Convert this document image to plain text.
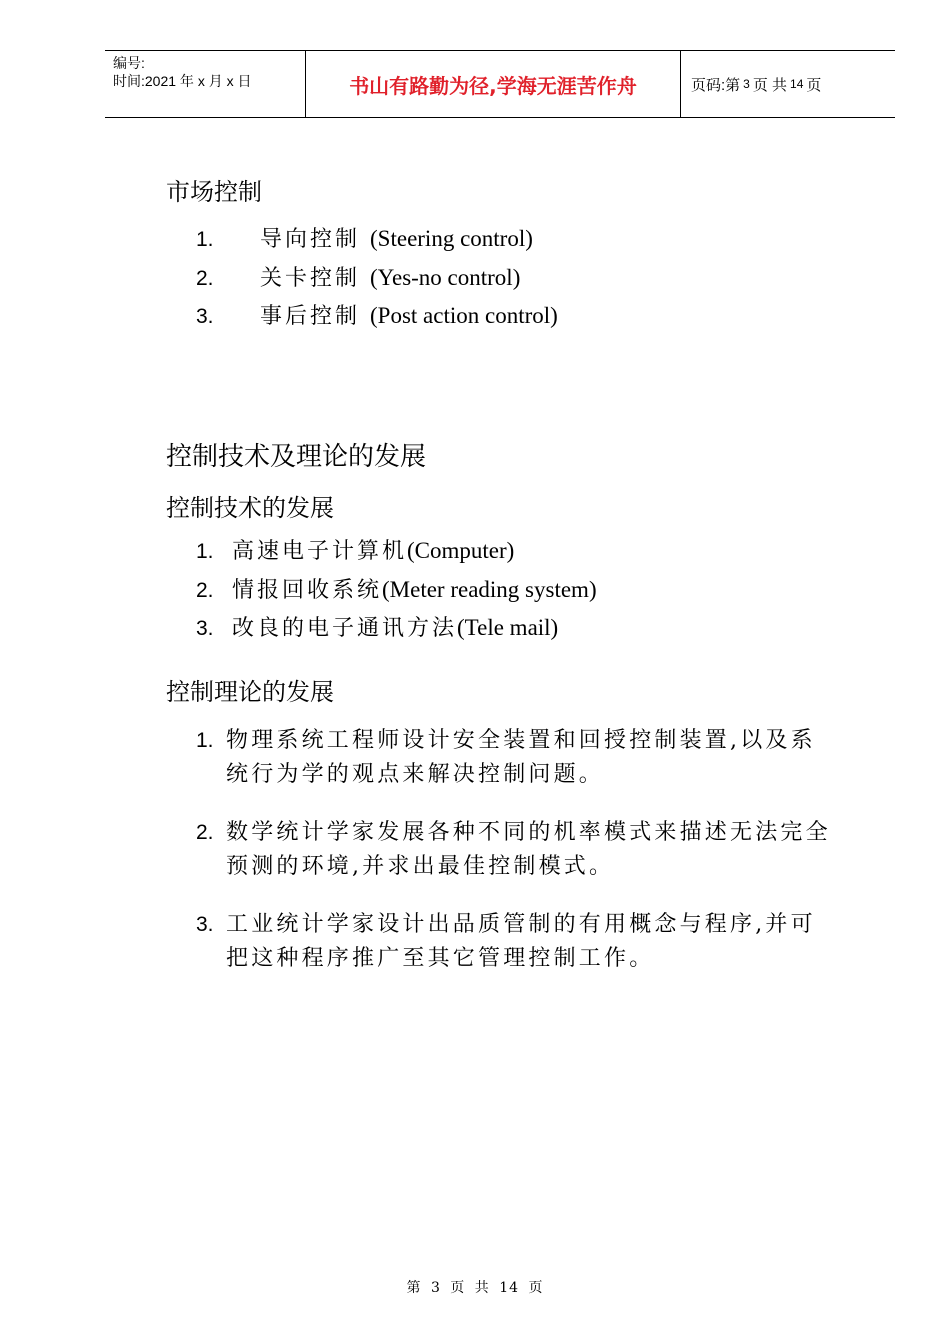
编号:
时间:2021 年 x 月 x 日	书山有路勤为径,学海无涯苦作舟	页码:第 3 页 共 14 页
市场控制
1.	导向控制 (Steering control)
2.	关卡控制 (Yes-no control)
3.	事后控制 (Post action control)
控制技术及理论的发展
控制技术的发展
1. 高速电子计算机 (Computer)
2. 情报回收系统 (Meter reading system)
3. 改良的电子通讯方法 (Tele mail)
控制理论的发展
1. 物理系统工程师设计安全装置和回授控制装置,以及系统行为学的观点来解决控制问题。
2. 数学统计学家发展各种不同的机率模式来描述无法完全预测的环境,并求出最佳控制模式。
3. 工业统计学家设计出品质管制的有用概念与程序,并可把这种程序推广至其它管理控制工作。
第 3 页 共 14 页
